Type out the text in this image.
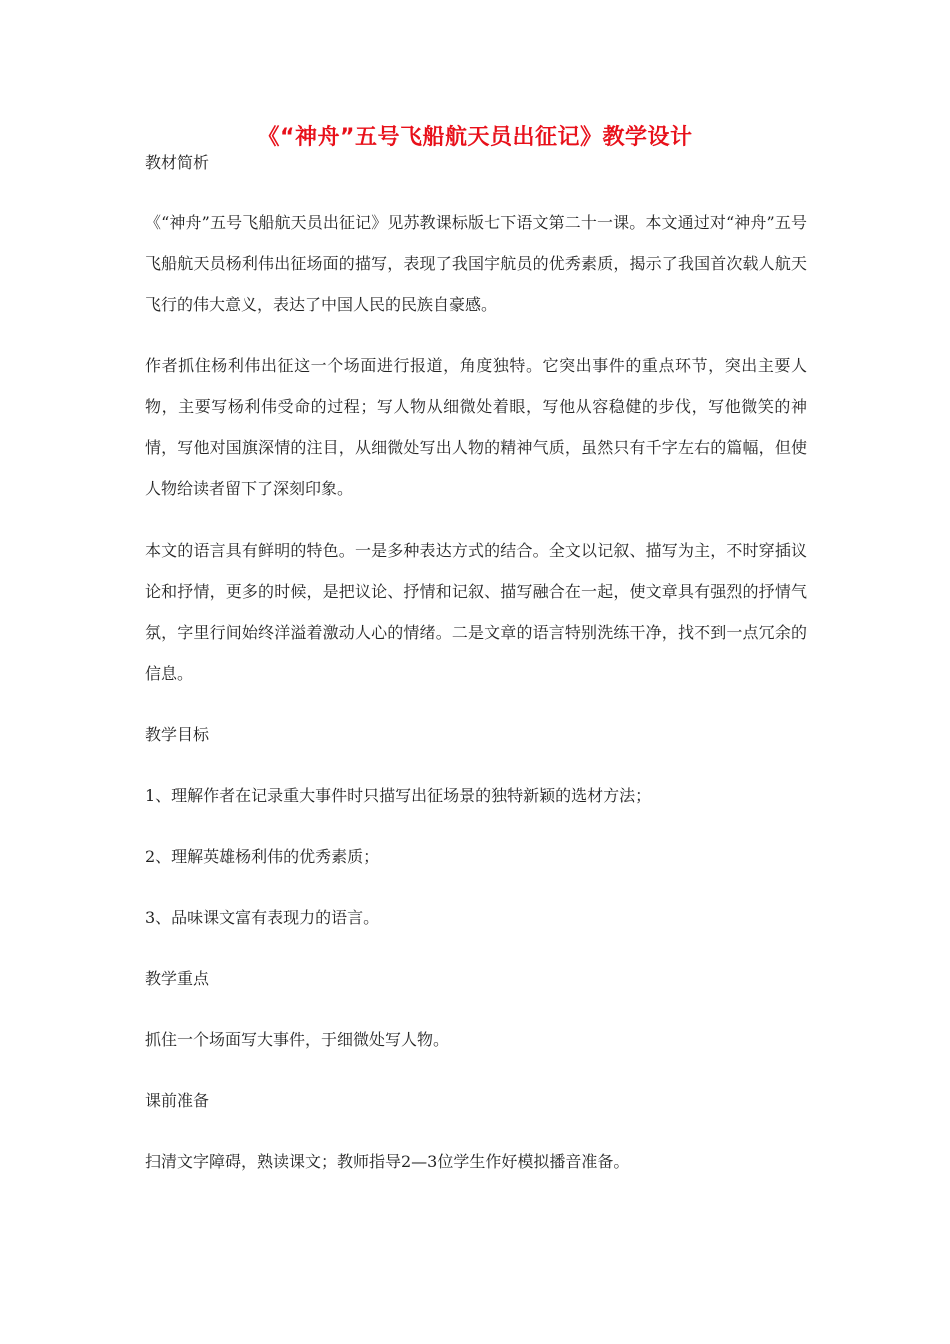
《“神舟”五号飞船航天员出征记》教学设计

教材简析

《“神舟”五号飞船航天员出征记》见苏教课标版七下语文第二十一课。本文通过对“神舟”五号飞船航天员杨利伟出征场面的描写，表现了我国宇航员的优秀素质，揭示了我国首次载人航天飞行的伟大意义，表达了中国人民的民族自豪感。

作者抓住杨利伟出征这一个场面进行报道，角度独特。它突出事件的重点环节，突出主要人物，主要写杨利伟受命的过程；写人物从细微处着眼，写他从容稳健的步伐，写他微笑的神情，写他对国旗深情的注目，从细微处写出人物的精神气质，虽然只有千字左右的篇幅，但使人物给读者留下了深刻印象。

本文的语言具有鲜明的特色。一是多种表达方式的结合。全文以记叙、描写为主，不时穿插议论和抒情，更多的时候，是把议论、抒情和记叙、描写融合在一起，使文章具有强烈的抒情气氛，字里行间始终洋溢着激动人心的情绪。二是文章的语言特别洗练干净，找不到一点冗余的信息。

教学目标

1、理解作者在记录重大事件时只描写出征场景的独特新颖的选材方法；

2、理解英雄杨利伟的优秀素质；

3、品味课文富有表现力的语言。

教学重点

抓住一个场面写大事件，于细微处写人物。

课前准备

扫清文字障碍，熟读课文；教师指导2—3位学生作好模拟播音准备。
